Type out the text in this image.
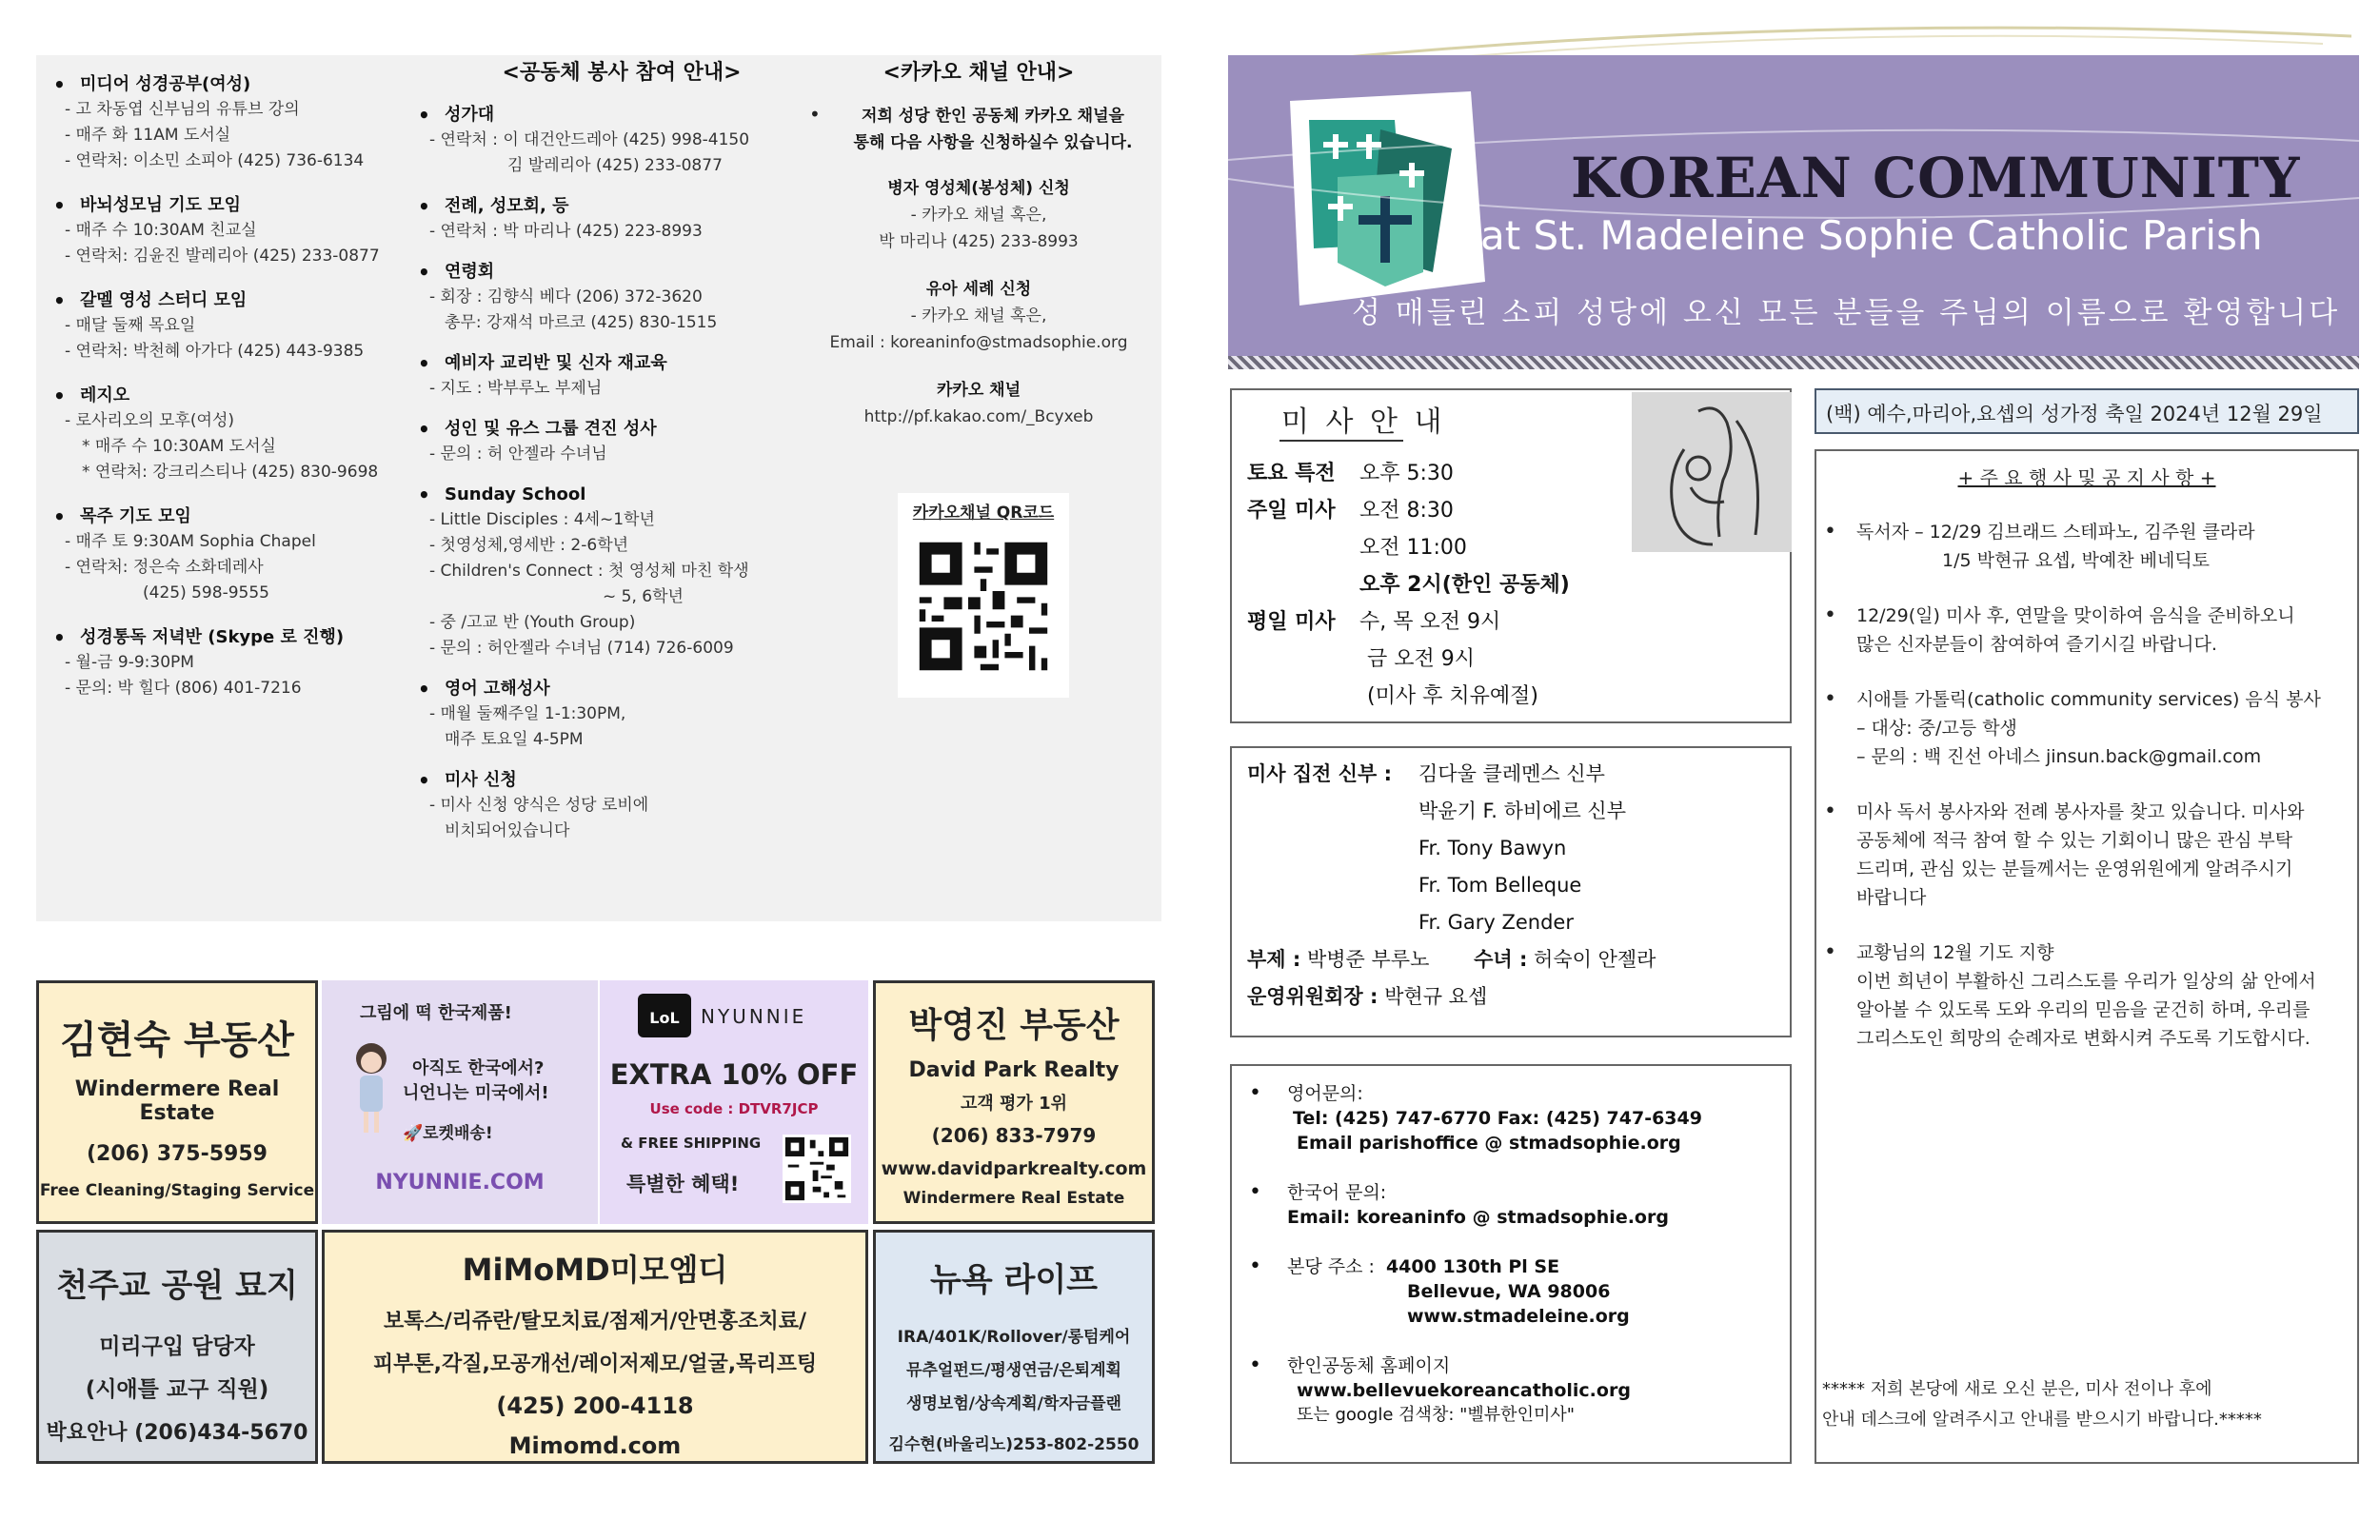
• 미디어 성경공부(여성)
- 고 차동엽 신부님의 유튜브 강의
- 매주 화 11AM 도서실
- 연락처: 이소민 소피아 (425) 736-6134
• 바뇌성모님 기도 모임
- 매주 수 10:30AM 친교실
- 연락처: 김윤진 발레리아 (425) 233-0877
• 갈멜 영성 스터디 모임
- 매달 둘째 목요일
- 연락처: 박천혜 아가다 (425) 443-9385
• 레지오
- 로사리오의 모후(여성)
* 매주 수 10:30AM 도서실
* 연락처: 강크리스티나 (425) 830-9698
• 목주 기도 모임
- 매주 토 9:30AM Sophia Chapel
- 연락처: 정은숙 소화데레사
(425) 598-9555
• 성경통독 저녁반 (Skype 로 진행)
- 월-금 9-9:30PM
- 문의: 박 힐다 (806) 401-7216
<공동체 봉사 참여 안내>
• 성가대
- 연락처 : 이 대건안드레아 (425) 998-4150
김 발레리아 (425) 233-0877
• 전례, 성모회, 등
- 연락처 : 박 마리나 (425) 223-8993
• 연령회
- 회장 : 김향식 베다 (206) 372-3620
총무: 강재석 마르코 (425) 830-1515
• 예비자 교리반 및 신자 재교육
- 지도 : 박부루노 부제님
• 성인 및 유스 그룹 견진 성사
- 문의 : 허 안젤라 수녀님
• Sunday School
- Little Disciples : 4세~1학년
- 첫영성체,영세반 : 2-6학년
- Children's Connect : 첫 영성체 마친 학생
~ 5, 6학년
- 중 /고교 반 (Youth Group)
- 문의 : 허안젤라 수녀님 (714) 726-6009
• 영어 고해성사
- 매월 둘째주일 1-1:30PM,
매주 토요일 4-5PM
• 미사 신청
- 미사 신청 양식은 성당 로비에
비치되어있습니다
<카카오 채널 안내>
•	저희 성당 한인 공동체 카카오 채널을

통해 다음 사항을 신청하실수 있습니다.

병자 영성체(봉성체) 신청

- 카카오 채널 혹은,

박 마리나 (425) 233-8993

유아 세례 신청

- 카카오 채널 혹은,

Email : koreaninfo@stmadsophie.org

카카오 채널

http://pf.kakao.com/_Bcyxeb

카카오채널 QR코드
김현숙 부동산
Windermere Real Estate
(206) 375-5959
Free Cleaning/Staging Service
그림에 떡 한국제품!
아직도 한국에서?
니언니는 미국에서!
🚀로켓배송!
NYUNNIE.COM
LoL	NYUNNIE
EXTRA 10% OFF
Use code : DTVR7JCP
& FREE SHIPPING
특별한 혜택!
박영진 부동산
David Park Realty
고객 평가 1위
(206) 833-7979
www.davidparkrealty.com
Windermere Real Estate
천주교 공원 묘지
미리구입 담당자
(시애틀 교구 직원)
박요안나 (206)434-5670
MiMoMD미모엠디
보톡스/리쥬란/탈모치료/점제거/안면홍조치료/
피부톤,각질,모공개선/레이저제모/얼굴,목리프팅
(425) 200-4118
Mimomd.com
뉴욕 라이프
IRA/401K/Rollover/롱텀케어
뮤추얼펀드/평생연금/은퇴계획
생명보험/상속계획/학자금플랜
김수현(바울리노)253-802-2550
KOREAN COMMUNITY
at St. Madeleine Sophie Catholic Parish
성 매들린 소피 성당에 오신 모든 분들을 주님의 이름으로 환영합니다
미 사 안 내
토요 특전 오후 5:30
주일 미사 오전 8:30
오전 11:00
오후 2시(한인 공동체)
평일 미사 수, 목 오전 9시
금 오전 9시
(미사 후 치유예절)
미사 집전 신부 : 김다울 클레멘스 신부
박윤기 F. 하비에르 신부
Fr. Tony Bawyn
Fr. Tom Belleque
Fr. Gary Zender
부제 : 박병준 부루노 수녀 : 허숙이 안젤라
운영위원회장 : 박현규 요셉
• 영어문의:
Tel: (425) 747-6770 Fax: (425) 747-6349
Email parishoffice @ stmadsophie.org
• 한국어 문의:
Email: koreaninfo @ stmadsophie.org
• 본당 주소 : 4400 130th Pl SE
Bellevue, WA 98006
www.stmadeleine.org
• 한인공동체 홈페이지
www.bellevuekoreancatholic.org
또는 google 검색창: "벨뷰한인미사"
(백) 예수,마리아,요셉의 성가정 축일 2024년 12월 29일
+ 주 요 행 사 및 공 지 사 항 +
• 독서자 – 12/29 김브래드 스테파노, 김주원 클라라
1/5 박현규 요셉, 박예찬 베네딕토
• 12/29(일) 미사 후, 연말을 맞이하여 음식을 준비하오니
많은 신자분들이 참여하여 즐기시길 바랍니다.
• 시애틀 가톨릭(catholic community services) 음식 봉사
– 대상: 중/고등 학생
– 문의 : 백 진선 아네스 jinsun.back@gmail.com
• 미사 독서 봉사자와 전례 봉사자를 찾고 있습니다. 미사와
공동체에 적극 참여 할 수 있는 기회이니 많은 관심 부탁
드리며, 관심 있는 분들께서는 운영위원에게 알려주시기
바랍니다
• 교황님의 12월 기도 지향
이번 희년이 부활하신 그리스도를 우리가 일상의 삶 안에서
알아볼 수 있도록 도와 우리의 믿음을 굳건히 하며, 우리를
그리스도인 희망의 순례자로 변화시켜 주도록 기도합시다.
***** 저희 본당에 새로 오신 분은, 미사 전이나 후에
안내 데스크에 알려주시고 안내를 받으시기 바랍니다.*****
